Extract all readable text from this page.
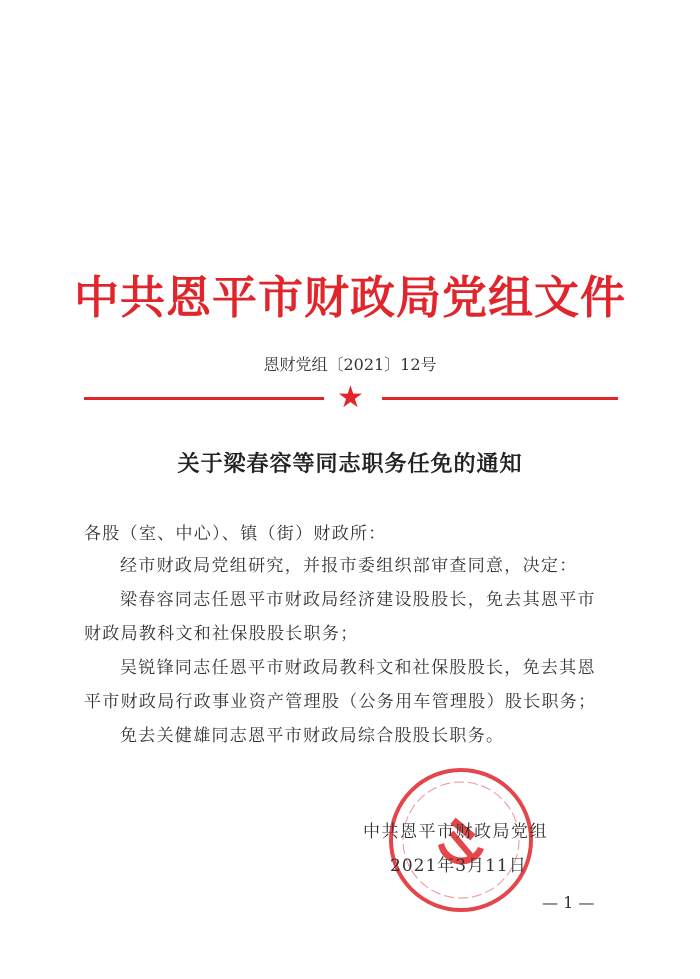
中共恩平市财政局党组文件
恩财党组〔2021〕12号
★
关于梁春容等同志职务任免的通知
各股（室、中心）、镇（街）财政所：
经市财政局党组研究，并报市委组织部审查同意，决定：
梁春容同志任恩平市财政局经济建设股股长，免去其恩平市
财政局教科文和社保股股长职务；
吴锐锋同志任恩平市财政局教科文和社保股股长，免去其恩
平市财政局行政事业资产管理股（公务用车管理股）股长职务；
免去关健雄同志恩平市财政局综合股股长职务。
中共恩平市财政局党组
2021年3月11日
— 1 —
